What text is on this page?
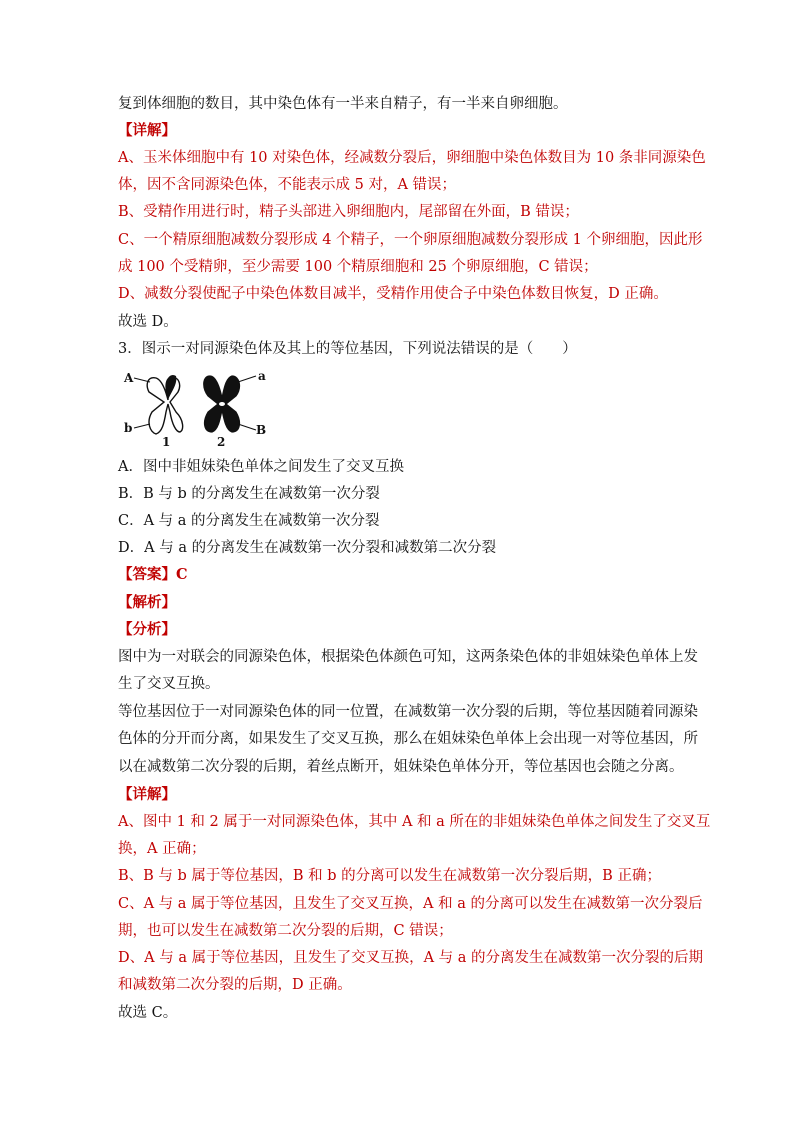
复到体细胞的数目，其中染色体有一半来自精子，有一半来自卵细胞。
【详解】
A、玉米体细胞中有 10 对染色体，经减数分裂后，卵细胞中染色体数目为 10 条非同源染色
体，因不含同源染色体，不能表示成 5 对，A 错误；
B、受精作用进行时，精子头部进入卵细胞内，尾部留在外面，B 错误；
C、一个精原细胞减数分裂形成 4 个精子，一个卵原细胞减数分裂形成 1 个卵细胞，因此形
成 100 个受精卵，至少需要 100 个精原细胞和 25 个卵原细胞，C 错误；
D、减数分裂使配子中染色体数目减半，受精作用使合子中染色体数目恢复，D 正确。
故选 D。
3．图示一对同源染色体及其上的等位基因，下列说法错误的是（　　）
A
b
a
B
1	2
A．图中非姐妹染色单体之间发生了交叉互换
B．B 与 b 的分离发生在减数第一次分裂
C．A 与 a 的分离发生在减数第一次分裂
D．A 与 a 的分离发生在减数第一次分裂和减数第二次分裂
【答案】C
【解析】
【分析】
图中为一对联会的同源染色体，根据染色体颜色可知，这两条染色体的非姐妹染色单体上发
生了交叉互换。
等位基因位于一对同源染色体的同一位置，在减数第一次分裂的后期，等位基因随着同源染
色体的分开而分离，如果发生了交叉互换，那么在姐妹染色单体上会出现一对等位基因，所
以在减数第二次分裂的后期，着丝点断开，姐妹染色单体分开，等位基因也会随之分离。
【详解】
A、图中 1 和 2 属于一对同源染色体，其中 A 和 a 所在的非姐妹染色单体之间发生了交叉互
换，A 正确；
B、B 与 b 属于等位基因，B 和 b 的分离可以发生在减数第一次分裂后期，B 正确；
C、A 与 a 属于等位基因，且发生了交叉互换，A 和 a 的分离可以发生在减数第一次分裂后
期，也可以发生在减数第二次分裂的后期，C 错误；
D、A 与 a 属于等位基因，且发生了交叉互换，A 与 a 的分离发生在减数第一次分裂的后期
和减数第二次分裂的后期，D 正确。
故选 C。
